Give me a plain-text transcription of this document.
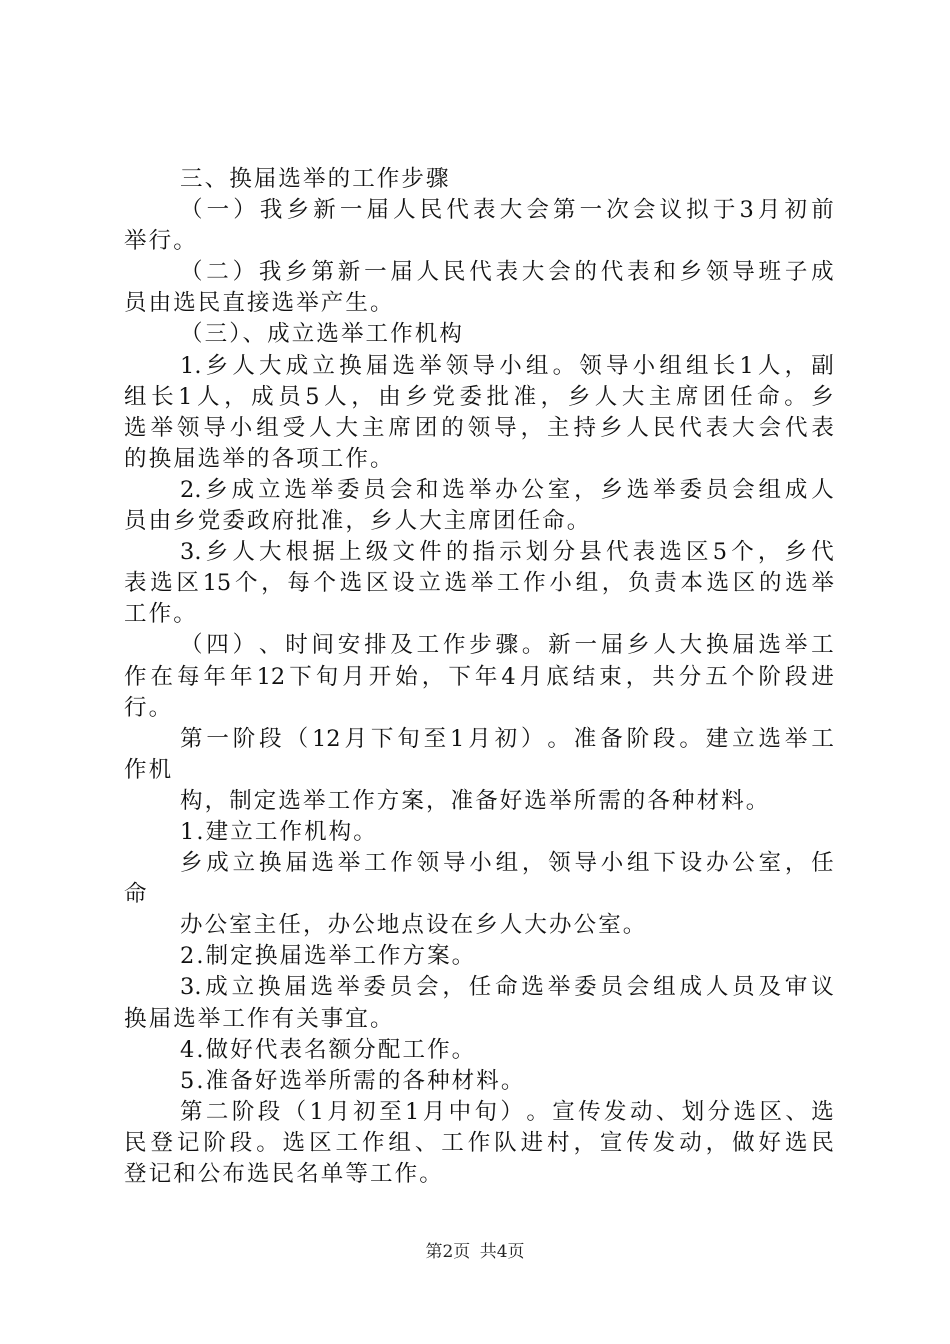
三、换届选举的工作步骤
（ 一 ） 我 乡 新 一 届 人 民 代 表 大 会 第 一 次 会 议 拟 于 3 月 初 前
举行。
（ 二 ） 我 乡 第 新 一 届 人 民 代 表 大 会 的 代 表 和 乡 领 导 班 子 成
员由选民直接选举产生。
（三）、成立选举工作机构
1. 乡 人 大 成 立 换 届 选 举 领 导 小 组 。 领 导 小 组 组 长 1 人 ， 副
组 长 1 人 ， 成 员 5 人 ， 由 乡 党 委 批 准 ， 乡 人 大 主 席 团 任 命 。 乡
选 举 领 导 小 组 受 人 大 主 席 团 的 领 导 ， 主 持 乡 人 民 代 表 大 会 代 表
的换届选举的各项工作。
2. 乡 成 立 选 举 委 员 会 和 选 举 办 公 室 ， 乡 选 举 委 员 会 组 成 人
员由乡党委政府批准，乡人大主席团任命。
3. 乡 人 大 根 据 上 级 文 件 的 指 示 划 分 县 代 表 选 区 5 个 ， 乡 代
表 选 区 15 个 ， 每 个 选 区 设 立 选 举 工 作 小 组 ， 负 责 本 选 区 的 选 举
工作。
（ 四 ） 、 时 间 安 排 及 工 作 步 骤 。 新 一 届 乡 人 大 换 届 选 举 工
作 在 每 年 年 12 下 旬 月 开 始 ， 下 年 4 月 底 结 束 ， 共 分 五 个 阶 段 进
行。
第 一 阶 段 （ 12 月 下 旬 至 1 月 初 ） 。 准 备 阶 段 。 建 立 选 举 工
作机
构，制定选举工作方案，准备好选举所需的各种材料。
1.建立工作机构。
乡 成 立 换 届 选 举 工 作 领 导 小 组 ， 领 导 小 组 下 设 办 公 室 ， 任
命
办公室主任，办公地点设在乡人大办公室。
2.制定换届选举工作方案。
3. 成 立 换 届 选 举 委 员 会 ， 任 命 选 举 委 员 会 组 成 人 员 及 审 议
换届选举工作有关事宜。
4.做好代表名额分配工作。
5.准备好选举所需的各种材料。
第 二 阶 段 （ 1 月 初 至 1 月 中 旬 ） 。 宣 传 发 动 、 划 分 选 区 、 选
民 登 记 阶 段 。 选 区 工 作 组 、 工 作 队 进 村 ， 宣 传 发 动 ， 做 好 选 民
登记和公布选民名单等工作。
第2页 共4页
